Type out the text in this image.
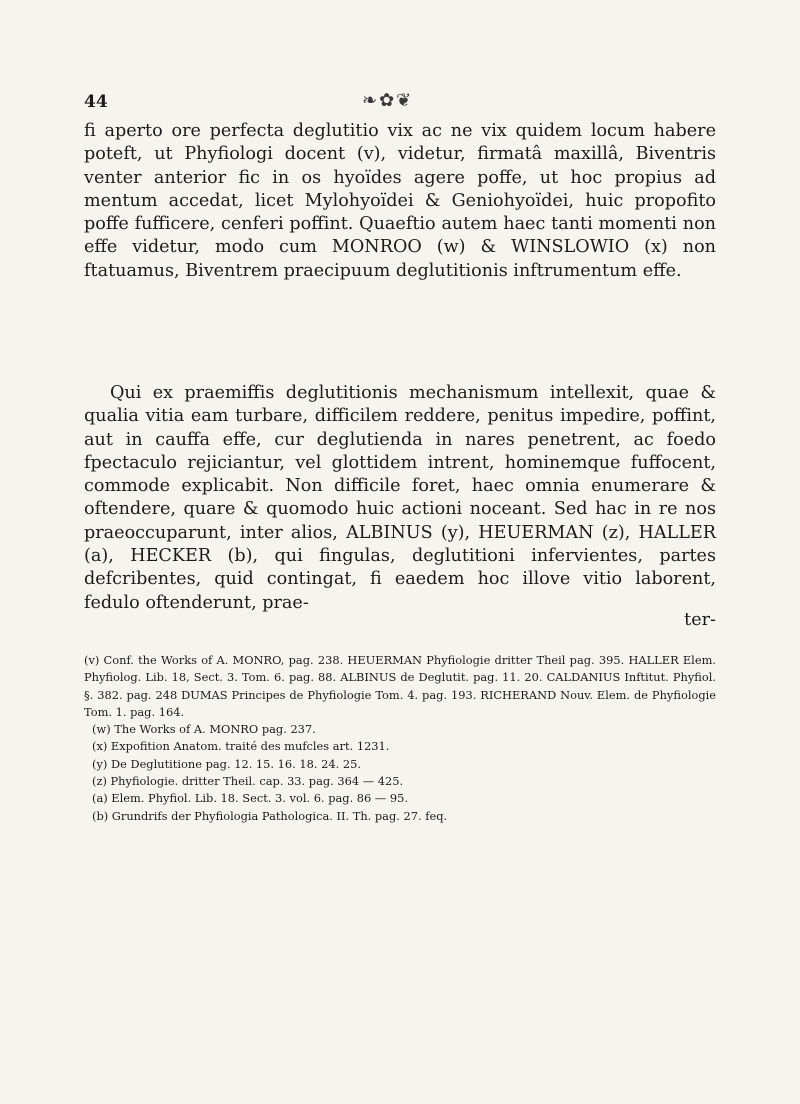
44	❧✿❦

fi aperto ore perfecta deglutitio vix ac ne vix quidem locum habere poteft, ut Phyfiologi docent (v), videtur, firmatâ maxillâ, Biventris venter anterior fic in os hyoïdes agere poffe, ut hoc propius ad mentum accedat, licet Mylohyoïdei & Geniohyoïdei, huic propofito poffe fufficere, cenferi poffint. Quaeftio autem haec tanti momenti non effe videtur, modo cum MONROO (w) & WINSLOWIO (x) non ftatuamus, Biventrem praecipuum deglutitionis inftrumentum effe.

Qui ex praemiffis deglutitionis mechanismum intellexit, quae & qualia vitia eam turbare, difficilem reddere, penitus impedire, poffint, aut in cauffa effe, cur deglutienda in nares penetrent, ac foedo fpectaculo rejiciantur, vel glottidem intrent, hominemque fuffocent, commode explicabit. Non difficile foret, haec omnia enumerare & oftendere, quare & quomodo huic actioni noceant. Sed hac in re nos praeoccuparunt, inter alios, ALBINUS (y), HEUERMAN (z), HALLER (a), HECKER (b), qui fingulas, deglutitioni infervientes, partes defcribentes, quid contingat, fi eaedem hoc illove vitio laborent, fedulo oftenderunt, prae-

ter-

(v) Conf. the Works of A. MONRO, pag. 238. HEUERMAN Phyfiologie dritter Theil pag. 395. HALLER Elem. Phyfiolog. Lib. 18, Sect. 3. Tom. 6. pag. 88. ALBINUS de Deglutit. pag. 11. 20. CALDANIUS Inftitut. Phyfiol. §. 382. pag. 248 DUMAS Principes de Phyfiologie Tom. 4. pag. 193. RICHERAND Nouv. Elem. de Phyfiologie Tom. 1. pag. 164.

(w) The Works of A. MONRO pag. 237.

(x) Expofition Anatom. traité des mufcles art. 1231.

(y) De Deglutitione pag. 12. 15. 16. 18. 24. 25.

(z) Phyfiologie. dritter Theil. cap. 33. pag. 364 — 425.

(a) Elem. Phyfiol. Lib. 18. Sect. 3. vol. 6. pag. 86 — 95.

(b) Grundrifs der Phyfiologia Pathologica. II. Th. pag. 27. feq.
